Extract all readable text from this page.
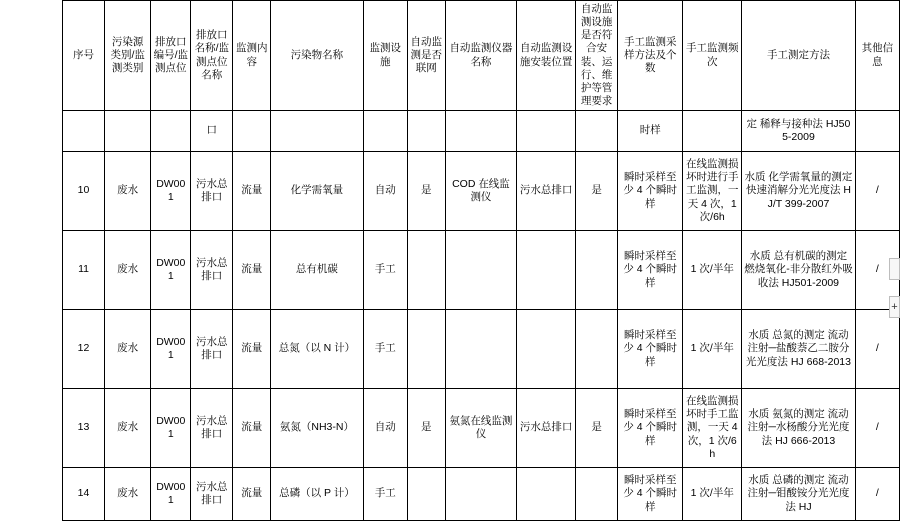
序号	污染源类别/监测类别	排放口编号/监测点位	排放口名称/监测点位名称	监测内容	污染物名称	监测设施	自动监测是否联网	自动监测仪器名称	自动监测设施安装位置	自动监测设施是否符合安装、运行、维护等管理要求	手工监测采样方法及个数	手工监测频次	手工测定方法	其他信息
			口								时样		定 稀释与接种法 HJ505-2009	
10	废水	DW001	污水总排口	流量	化学需氧量	自动	是	COD 在线监测仪	污水总排口	是	瞬时采样至少 4 个瞬时样	在线监测损坏时进行手工监测，一天 4 次，1 次/6h	水质 化学需氧量的测定 快速消解分光光度法 HJ/T 399-2007	/
11	废水	DW001	污水总排口	流量	总有机碳	手工					瞬时采样至少 4 个瞬时样	1 次/半年	水质 总有机碳的测定 燃烧氧化-非分散红外吸收法 HJ501-2009	/
12	废水	DW001	污水总排口	流量	总氮（以 N 计）	手工					瞬时采样至少 4 个瞬时样	1 次/半年	水质 总氮的测定 流动注射─盐酸萘乙二胺分光光度法 HJ 668-2013	/
13	废水	DW001	污水总排口	流量	氨氮（NH3-N）	自动	是	氨氮在线监测仪	污水总排口	是	瞬时采样至少 4 个瞬时样	在线监测损坏时手工监测，一天 4 次，1 次/6h	水质 氨氮的测定 流动注射─水杨酸分光光度法 HJ 666-2013	/
14	废水	DW001	污水总排口	流量	总磷（以 P 计）	手工					瞬时采样至少 4 个瞬时样	1 次/半年	水质 总磷的测定 流动注射─钼酸铵分光光度法 HJ	/
+
